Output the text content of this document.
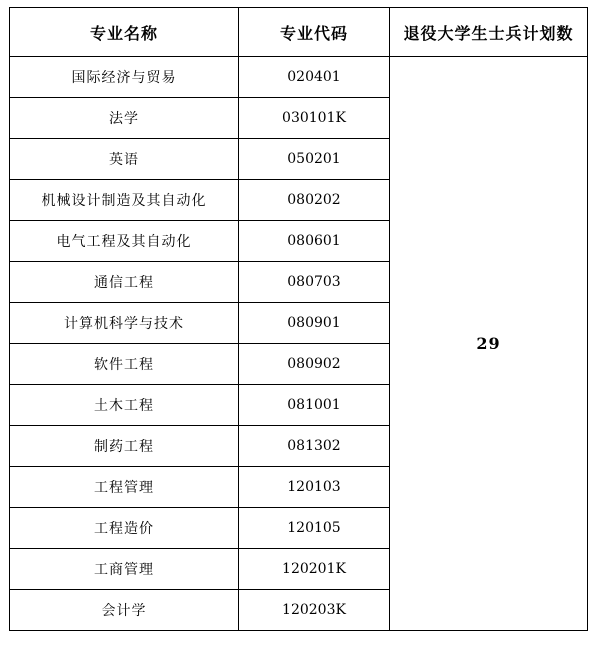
专业名称	专业代码	退役大学生士兵计划数
国际经济与贸易	020401	29
法学	030101K	
英语	050201	
机械设计制造及其自动化	080202	
电气工程及其自动化	080601	
通信工程	080703	
计算机科学与技术	080901	
软件工程	080902	
土木工程	081001	
制药工程	081302	
工程管理	120103	
工程造价	120105	
工商管理	120201K	
会计学	120203K	
